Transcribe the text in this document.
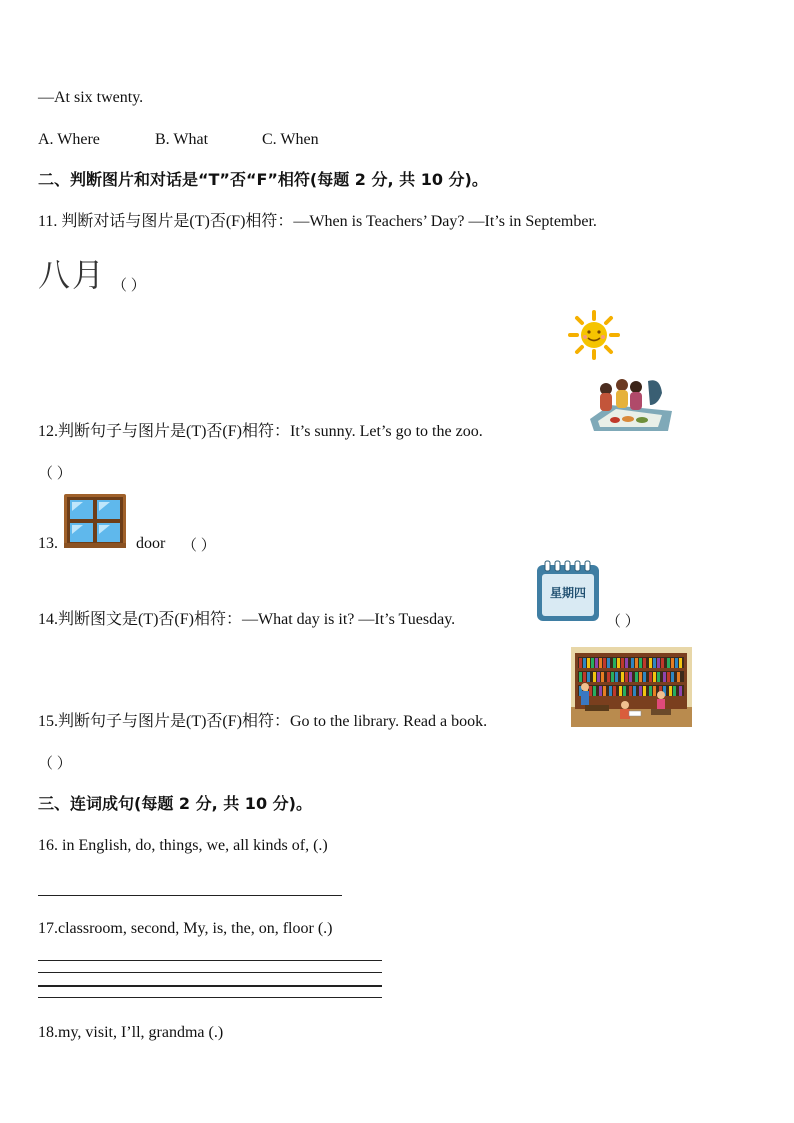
—At six twenty.
A. Where	B. What	C. When
二、判断图片和对话是“T”否“F”相符(每题 2 分, 共 10 分)。
11. 判断对话与图片是(T)否(F)相符：—When is Teachers’ Day? —It’s in September.
八月 （ ）
12.判断句子与图片是(T)否(F)相符：It’s sunny. Let’s go to the zoo.
（ ）
13.	door （ ）
14.判断图文是(T)否(F)相符：—What day is it? —It’s Tuesday.
星期四
（ ）
15.判断句子与图片是(T)否(F)相符：Go to the library. Read a book.
（ ）
三、连词成句(每题 2 分, 共 10 分)。
16. in English, do, things, we, all kinds of, (.)
17.classroom, second, My, is, the, on, floor (.)
18.my, visit, I’ll, grandma (.)
